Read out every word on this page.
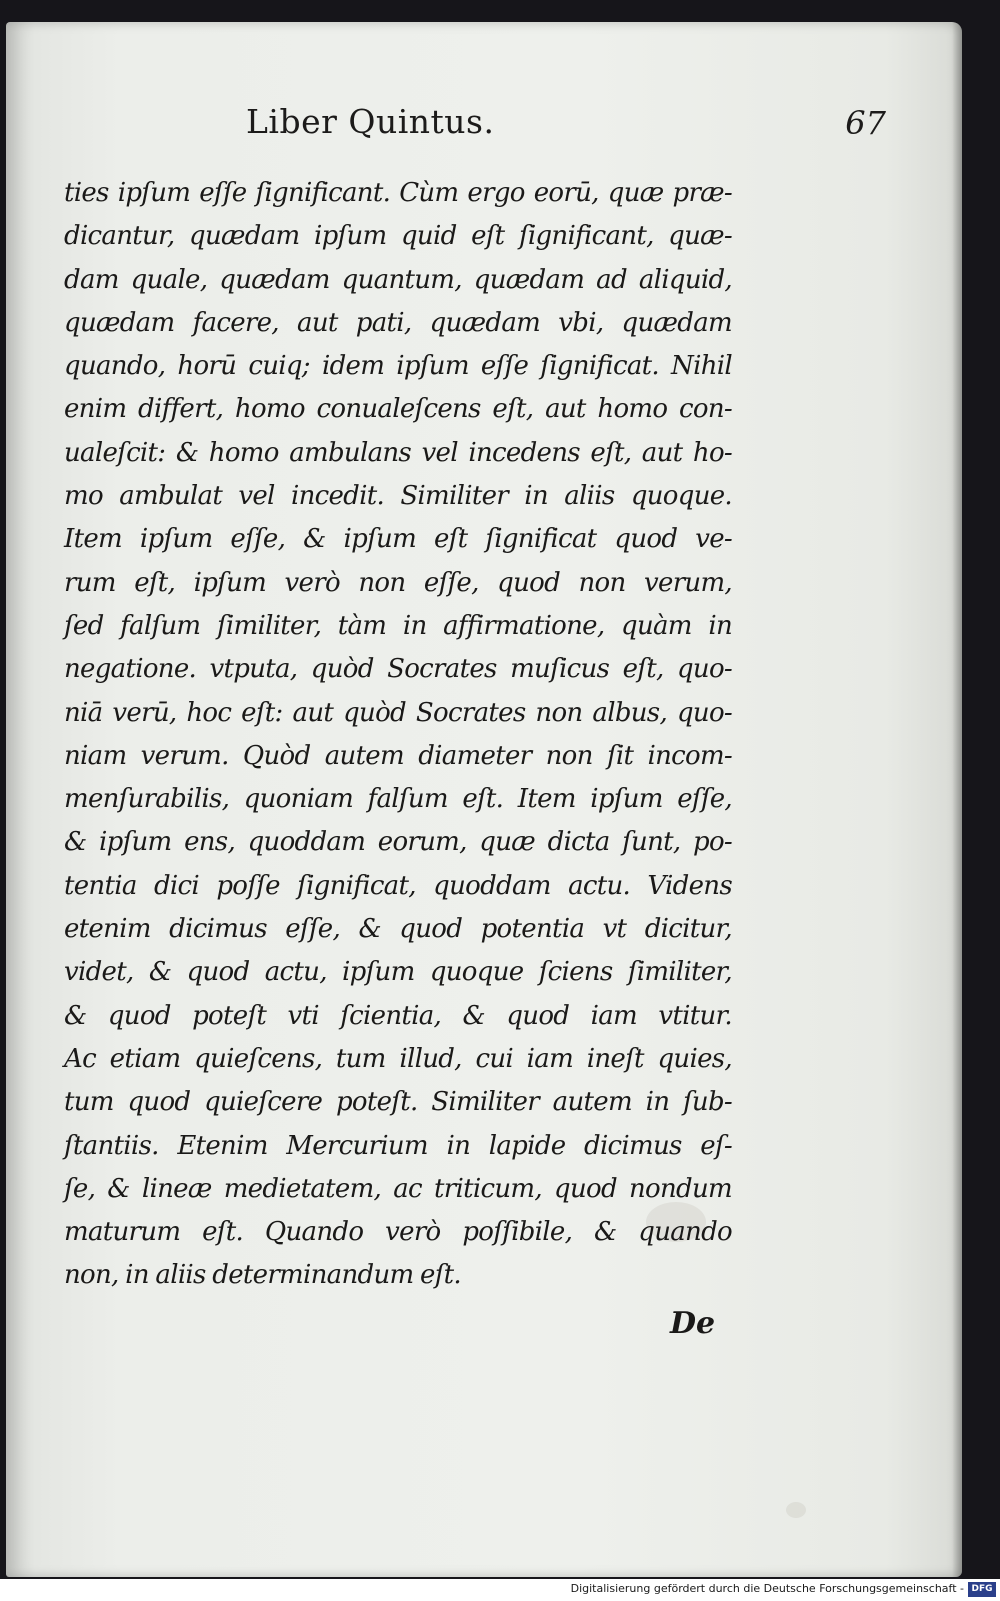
Liber Quintus.	67
ties ipſum eſſe ſignificant. Cùm ergo eorū, quæ præ-
dicantur, quædam ipſum quid eſt ſignificant, quæ-
dam quale, quædam quantum, quædam ad aliquid,
quædam facere, aut pati, quædam vbi, quædam
quando, horū cuiq; idem ipſum eſſe ſignificat. Nihil
enim differt, homo conualeſcens eſt, aut homo con-
ualeſcit: & homo ambulans vel incedens eſt, aut ho-
mo ambulat vel incedit. Similiter in aliis quoque.
Item ipſum eſſe, & ipſum eſt ſignificat quod ve-
rum eſt, ipſum verò non eſſe, quod non verum,
ſed falſum ſimiliter, tàm in affirmatione, quàm in
negatione. vtputa, quòd Socrates muſicus eſt, quo-
niā verū, hoc eſt: aut quòd Socrates non albus, quo-
niam verum. Quòd autem diameter non ſit incom-
menſurabilis, quoniam falſum eſt. Item ipſum eſſe,
& ipſum ens, quoddam eorum, quæ dicta ſunt, po-
tentia dici poſſe ſignificat, quoddam actu. Videns
etenim dicimus eſſe, & quod potentia vt dicitur,
videt, & quod actu, ipſum quoque ſciens ſimiliter,
& quod poteſt vti ſcientia, & quod iam vtitur.
Ac etiam quieſcens, tum illud, cui iam ineſt quies,
tum quod quieſcere poteſt. Similiter autem in ſub-
ſtantiis. Etenim Mercurium in lapide dicimus eſ-
ſe, & lineæ medietatem, ac triticum, quod nondum
maturum eſt. Quando verò poſſibile, & quando
non, in aliis determinandum eſt.
De
Digitalisierung gefördert durch die Deutsche Forschungsgemeinschaft - DFG
